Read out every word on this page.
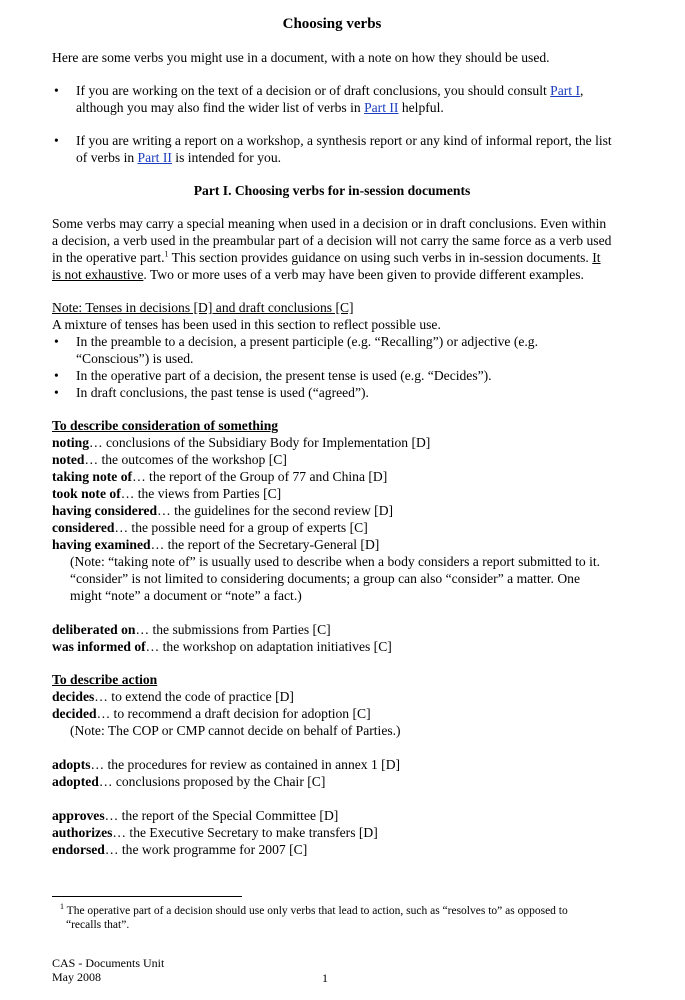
Choosing verbs

Here are some verbs you might use in a document, with a note on how they should be used.

• If you are working on the text of a decision or of draft conclusions, you should consult Part I, although you may also find the wider list of verbs in Part II helpful.
• If you are writing a report on a workshop, a synthesis report or any kind of informal report, the list of verbs in Part II is intended for you.
Part I. Choosing verbs for in-session documents

Some verbs may carry a special meaning when used in a decision or in draft conclusions. Even within a decision, a verb used in the preambular part of a decision will not carry the same force as a verb used in the operative part.$^1$ This section provides guidance on using such verbs in in-session documents. It is not exhaustive. Two or more uses of a verb may have been given to provide different examples.

Note: Tenses in decisions [D] and draft conclusions [C]
A mixture of tenses has been used in this section to reflect possible use.
• In the preamble to a decision, a present participle (e.g. “Recalling”) or adjective (e.g. “Conscious”) is used.
• In the operative part of a decision, the present tense is used (e.g. “Decides”).
• In draft conclusions, the past tense is used (“agreed”).
To describe consideration of something
noting… conclusions of the Subsidiary Body for Implementation [D]
noted… the outcomes of the workshop [C]
taking note of… the report of the Group of 77 and China [D]
took note of… the views from Parties [C]
having considered… the guidelines for the second review [D]
considered… the possible need for a group of experts [C]
having examined… the report of the Secretary-General [D]
(Note: “taking note of” is usually used to describe when a body considers a report submitted to it. “consider” is not limited to considering documents; a group can also “consider” a matter. One might “note” a document or “note” a fact.)
deliberated on… the submissions from Parties [C]
was informed of… the workshop on adaptation initiatives [C]
To describe action
decides… to extend the code of practice [D]
decided… to recommend a draft decision for adoption [C]
(Note: The COP or CMP cannot decide on behalf of Parties.)
adopts… the procedures for review as contained in annex 1 [D]
adopted… conclusions proposed by the Chair [C]
approves… the report of the Special Committee [D]
authorizes… the Executive Secretary to make transfers [D]
endorsed… the work programme for 2007 [C]
$^1$ The operative part of a decision should use only verbs that lead to action, such as “resolves to” as opposed to “recalls that”.
CAS - Documents Unit
May 2008	1
